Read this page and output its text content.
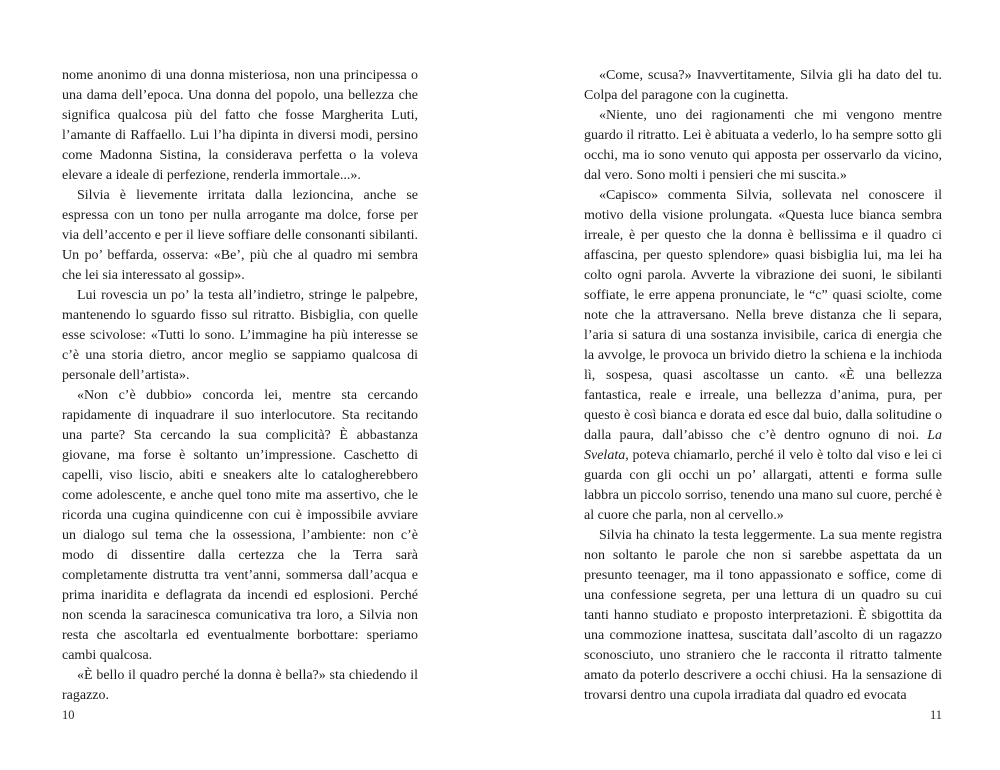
nome anonimo di una donna misteriosa, non una principessa o una dama dell’epoca. Una donna del popolo, una bellezza che significa qualcosa più del fatto che fosse Margherita Luti, l’amante di Raffaello. Lui l’ha dipinta in diversi modi, persino come Madonna Sistina, la considerava perfetta o la voleva elevare a ideale di perfezione, renderla immortale...».

Silvia è lievemente irritata dalla lezioncina, anche se espressa con un tono per nulla arrogante ma dolce, forse per via dell’accento e per il lieve soffiare delle consonanti sibilanti. Un po’ beffarda, osserva: «Be’, più che al quadro mi sembra che lei sia interessato al gossip».

Lui rovescia un po’ la testa all’indietro, stringe le palpebre, mantenendo lo sguardo fisso sul ritratto. Bisbiglia, con quelle esse scivolose: «Tutti lo sono. L’immagine ha più interesse se c’è una storia dietro, ancor meglio se sappiamo qualcosa di personale dell’artista».

«Non c’è dubbio» concorda lei, mentre sta cercando rapidamente di inquadrare il suo interlocutore. Sta recitando una parte? Sta cercando la sua complicità? È abbastanza giovane, ma forse è soltanto un’impressione. Caschetto di capelli, viso liscio, abiti e sneakers alte lo catalogherebbero come adolescente, e anche quel tono mite ma assertivo, che le ricorda una cugina quindicenne con cui è impossibile avviare un dialogo sul tema che la ossessiona, l’ambiente: non c’è modo di dissentire dalla certezza che la Terra sarà completamente distrutta tra vent’anni, sommersa dall’acqua e prima inaridita e deflagrata da incendi ed esplosioni. Perché non scenda la saracinesca comunicativa tra loro, a Silvia non resta che ascoltarla ed eventualmente borbottare: speriamo cambi qualcosa.

«È bello il quadro perché la donna è bella?» sta chiedendo il ragazzo.

«Come, scusa?» Inavvertitamente, Silvia gli ha dato del tu. Colpa del paragone con la cuginetta.

«Niente, uno dei ragionamenti che mi vengono mentre guardo il ritratto. Lei è abituata a vederlo, lo ha sempre sotto gli occhi, ma io sono venuto qui apposta per osservarlo da vicino, dal vero. Sono molti i pensieri che mi suscita.»

«Capisco» commenta Silvia, sollevata nel conoscere il motivo della visione prolungata. «Questa luce bianca sembra irreale, è per questo che la donna è bellissima e il quadro ci affascina, per questo splendore» quasi bisbiglia lui, ma lei ha colto ogni parola. Avverte la vibrazione dei suoni, le sibilanti soffiate, le erre appena pronunciate, le “c” quasi sciolte, come note che la attraversano. Nella breve distanza che li separa, l’aria si satura di una sostanza invisibile, carica di energia che la avvolge, le provoca un brivido dietro la schiena e la inchioda lì, sospesa, quasi ascoltasse un canto. «È una bellezza fantastica, reale e irreale, una bellezza d’anima, pura, per questo è così bianca e dorata ed esce dal buio, dalla solitudine o dalla paura, dall’abisso che c’è dentro ognuno di noi. La Svelata, poteva chiamarlo, perché il velo è tolto dal viso e lei ci guarda con gli occhi un po’ allargati, attenti e forma sulle labbra un piccolo sorriso, tenendo una mano sul cuore, perché è al cuore che parla, non al cervello.»

Silvia ha chinato la testa leggermente. La sua mente registra non soltanto le parole che non si sarebbe aspettata da un presunto teenager, ma il tono appassionato e soffice, come di una confessione segreta, per una lettura di un quadro su cui tanti hanno studiato e proposto interpretazioni. È sbigottita da una commozione inattesa, suscitata dall’ascolto di un ragazzo sconosciuto, uno straniero che le racconta il ritratto talmente amato da poterlo descrivere a occhi chiusi. Ha la sensazione di trovarsi dentro una cupola irradiata dal quadro ed evocata

10	11
